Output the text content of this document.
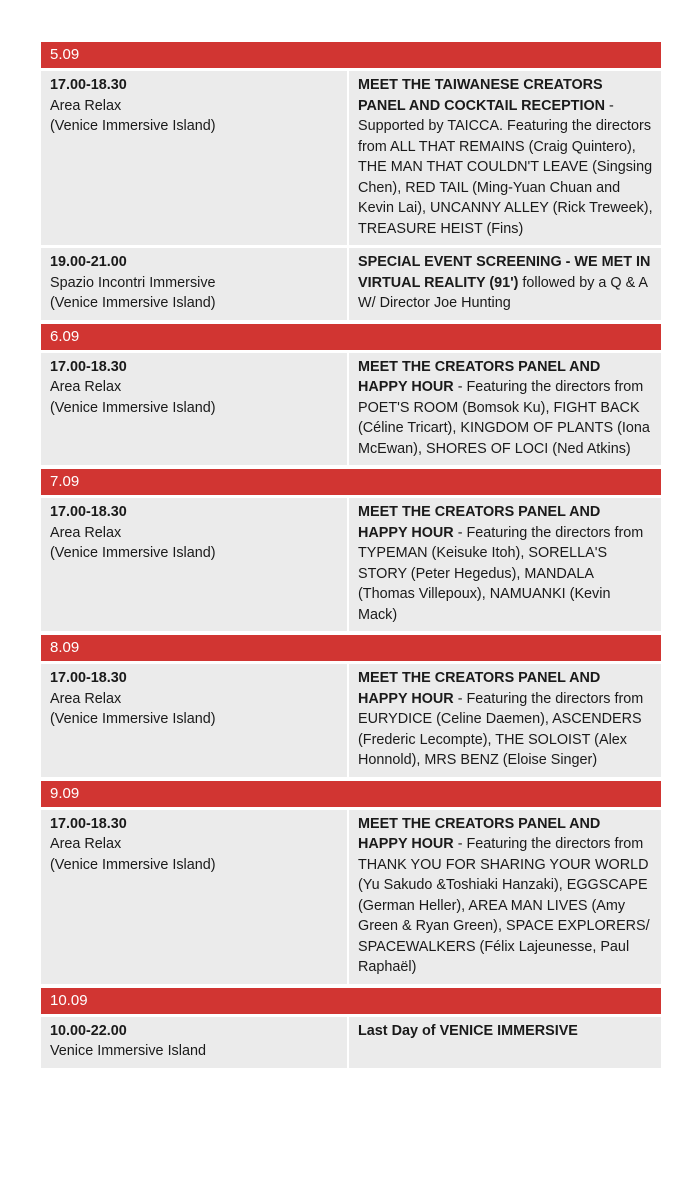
5.09
17.00-18.30
Area Relax
(Venice Immersive Island)
MEET THE TAIWANESE CREATORS PANEL AND COCKTAIL RECEPTION - Supported by TAICCA. Featuring the directors from ALL THAT REMAINS (Craig Quintero), THE MAN THAT COULDN'T LEAVE (Singsing Chen), RED TAIL (Ming-Yuan Chuan and Kevin Lai), UNCANNY ALLEY (Rick Treweek), TREASURE HEIST (Fins)
19.00-21.00
Spazio Incontri Immersive
(Venice Immersive Island)
SPECIAL EVENT SCREENING - WE MET IN VIRTUAL REALITY (91') followed by a Q & A W/ Director Joe Hunting
6.09
17.00-18.30
Area Relax
(Venice Immersive Island)
MEET THE CREATORS PANEL AND HAPPY HOUR - Featuring the directors from POET'S ROOM (Bomsok Ku), FIGHT BACK (Céline Tricart), KINGDOM OF PLANTS (Iona McEwan), SHORES OF LOCI (Ned Atkins)
7.09
17.00-18.30
Area Relax
(Venice Immersive Island)
MEET THE CREATORS PANEL AND HAPPY HOUR - Featuring the directors from TYPEMAN (Keisuke Itoh), SORELLA'S STORY (Peter Hegedus), MANDALA (Thomas Villepoux), NAMUANKI (Kevin Mack)
8.09
17.00-18.30
Area Relax
(Venice Immersive Island)
MEET THE CREATORS PANEL AND HAPPY HOUR - Featuring the directors from EURYDICE (Celine Daemen), ASCENDERS (Frederic Lecompte), THE SOLOIST (Alex Honnold), MRS BENZ (Eloise Singer)
9.09
17.00-18.30
Area Relax
(Venice Immersive Island)
MEET THE CREATORS PANEL AND HAPPY HOUR - Featuring the directors from THANK YOU FOR SHARING YOUR WORLD (Yu Sakudo &Toshiaki Hanzaki), EGGSCAPE (German Heller), AREA MAN LIVES (Amy Green & Ryan Green), SPACE EXPLORERS/ SPACEWALKERS (Félix Lajeunesse, Paul Raphaël)
10.09
10.00-22.00
Venice Immersive Island
Last Day of VENICE IMMERSIVE
